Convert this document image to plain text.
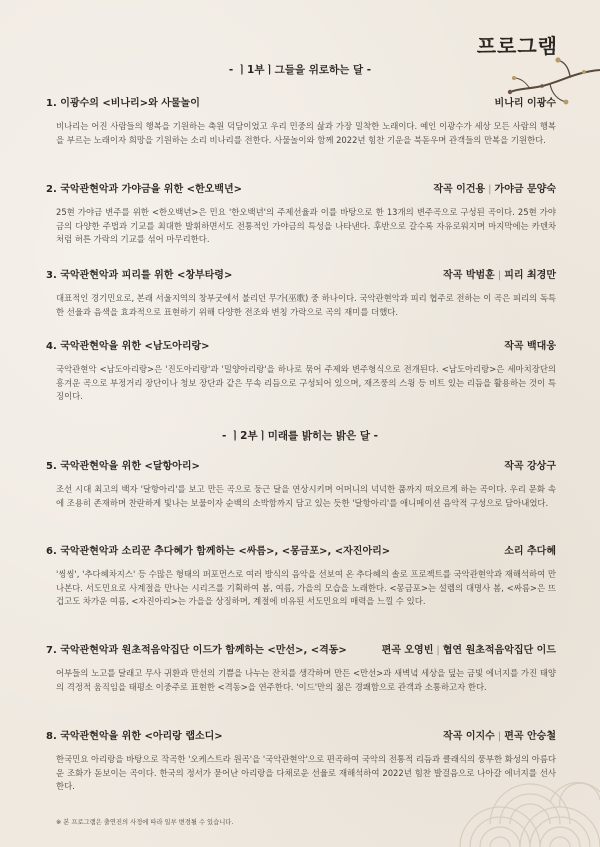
프로그램
- ㅣ1부ㅣ그들을 위로하는 달 -
1. 이광수의 <비나리>와 사물놀이	비나리 이광수
비나리는 어진 사람들의 행복을 기원하는 축원 덕담이었고 우리 민중의 삶과 가장 밀착한 노래이다. 예인 이광수가 세상 모든 사람의 행복을 부르는 노래이자 희망을 기원하는 소리 비나리를 전한다. 사물놀이와 함께 2022년 힘찬 기운을 북돋우며 관객들의 만복을 기원한다.
2. 국악관현악과 가야금을 위한 <한오백년>	작곡 이건용 | 가야금 문양숙
25현 가야금 변주를 위한 <한오백년>은 민요 '한오백년'의 주제선율과 이를 바탕으로 한 13개의 변주곡으로 구성된 곡이다. 25현 가야금의 다양한 주법과 기교를 최대한 발휘하면서도 전통적인 가야금의 특성을 나타낸다. 후반으로 갈수록 자유로워지며 마지막에는 카덴차처럼 허튼 가락의 기교를 섞어 마무리한다.
3. 국악관현악과 피리를 위한 <창부타령>	작곡 박범훈 | 피리 최경만
대표적인 경기민요로, 본래 서울지역의 창부굿에서 불리던 무가(巫歌) 중 하나이다. 국악관현악과 피리 협주로 전하는 이 곡은 피리의 독특한 선율과 음색을 효과적으로 표현하기 위해 다양한 전조와 변칭 가락으로 곡의 재미를 더했다.
4. 국악관현악을 위한 <남도아리랑>	작곡 백대웅
국악관현악 <남도아리랑>은 '진도아리랑'과 '밀양아리랑'을 하나로 묶어 주제와 변주형식으로 전개된다. <남도아리랑>은 세마치장단의 흥겨운 곡으로 부정거리 장단이나 청보 장단과 같은 무속 리듬으로 구성되어 있으며, 재즈풍의 스윙 등 비트 있는 리듬을 활용하는 것이 특징이다.
- ㅣ2부ㅣ미래를 밝히는 밝은 달 -
5. 국악관현악을 위한 <달항아리>	작곡 강상구
조선 시대 최고의 백자 '달항아리'를 보고 만든 곡으로 둥근 달을 연상시키며 어머니의 넉넉한 품까지 떠오르게 하는 곡이다. 우리 문화 속에 조용히 존재하며 찬란하게 빛나는 보물이자 순백의 소박함까지 담고 있는 듯한 '달항아리'를 애니메이션 음악적 구성으로 담아내었다.
6. 국악관현악과 소리꾼 추다혜가 함께하는 <싸름>, <몽금포>, <자진아리>	소리 추다혜
'씽씽', '추다혜차지스' 등 수많은 형태의 퍼포먼스로 여러 방식의 음악을 선보여 온 추다혜의 솔로 프로젝트를 국악관현악과 재해석하여 만나본다. 서도민요로 사계절을 만나는 시리즈를 기획하여 봄, 여름, 가을의 모습을 노래한다. <몽금포>는 설렘의 대명사 봄, <싸름>은 뜨겁고도 차가운 여름, <자진아리>는 가을을 상징하며, 계절에 비유된 서도민요의 매력을 느낄 수 있다.
7. 국악관현악과 원초적음악집단 이드가 함께하는 <만선>, <격동>	편곡 오영빈 | 협연 원초적음악집단 이드
어부들의 노고를 달래고 무사 귀환과 만선의 기쁨을 나누는 잔치를 생각하며 만든 <만선>과 새벽녘 세상을 덮는 금빛 에너지를 가진 태양의 격정적 움직임을 태평소 이중주로 표현한 <격동>을 연주한다. '이드'만의 젊은 경쾌함으로 관객과 소통하고자 한다.
8. 국악관현악을 위한 <아리랑 랩소디>	작곡 이지수 | 편곡 안승철
한국민요 아리랑을 바탕으로 작곡한 '오케스트라 원곡'을 '국악관현악'으로 편곡하여 국악의 전통적 리듬과 클래식의 풍부한 화성의 아름다운 조화가 돋보이는 곡이다. 한국의 정서가 묻어난 아리랑을 다채로운 선율로 재해석하여 2022년 힘찬 발걸음으로 나아갈 에너지를 선사한다.
※ 본 프로그램은 출연진의 사정에 따라 일부 변경될 수 있습니다.
